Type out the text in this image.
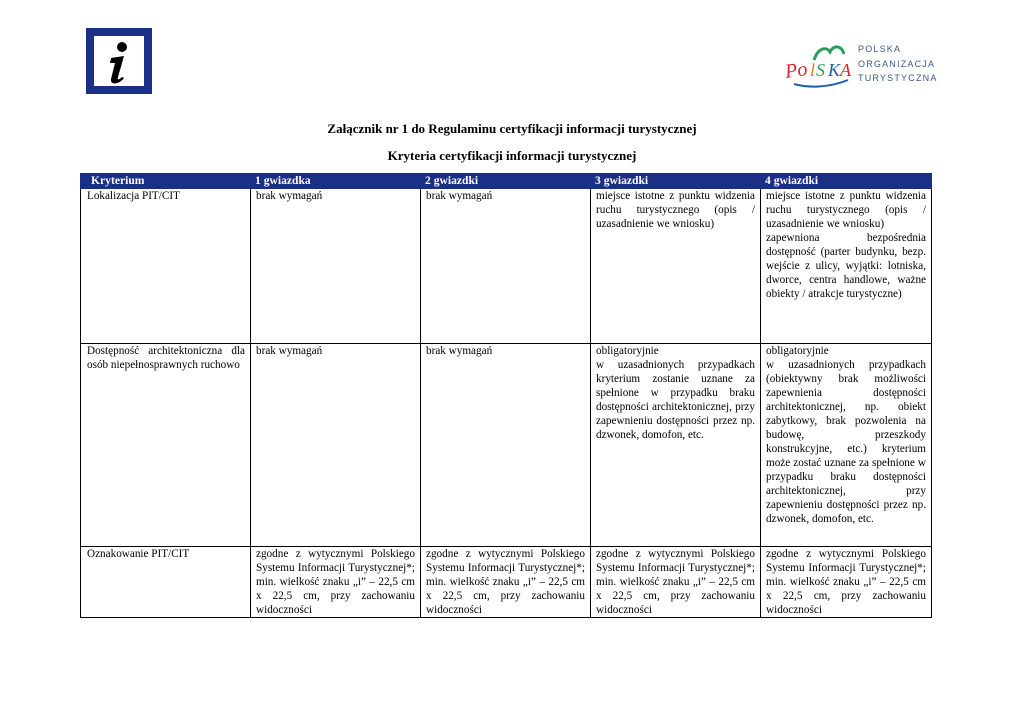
Po l S K A
POLSKA
ORGANIZACJA
TURYSTYCZNA
Załącznik nr 1 do Regulaminu certyfikacji informacji turystycznej
Kryteria certyfikacji informacji turystycznej
Kryterium	1 gwiazdka	2 gwiazdki	3 gwiazdki	4 gwiazdki

Lokalizacja PIT/CIT	brak wymagań	brak wymagań	miejsce istotne z punktu widzenia ruchu turystycznego (opis / uzasadnienie we wniosku)	miejsce istotne z punktu widzenia ruchu turystycznego (opis / uzasadnienie we wniosku)
zapewniona bezpośrednia dostępność (parter budynku, bezp. wejście z ulicy, wyjątki: lotniska, dworce, centra handlowe, ważne obiekty / atrakcje turystyczne)

Dostępność architektoniczna dla osób niepełnosprawnych ruchowo	brak wymagań	brak wymagań	obligatoryjnie
w uzasadnionych przypadkach kryterium zostanie uznane za spełnione w przypadku braku dostępności architektonicznej, przy zapewnieniu dostępności przez np. dzwonek, domofon, etc.	obligatoryjnie
w uzasadnionych przypadkach (obiektywny brak możliwości zapewnienia dostępności architektonicznej, np. obiekt zabytkowy, brak pozwolenia na budowę, przeszkody konstrukcyjne, etc.) kryterium może zostać uznane za spełnione w przypadku braku dostępności architektonicznej, przy zapewnieniu dostępności przez np. dzwonek, domofon, etc.

Oznakowanie PIT/CIT	zgodne z wytycznymi Polskiego Systemu Informacji Turystycznej*; min. wielkość znaku „i” – 22,5 cm x 22,5 cm, przy zachowaniu widoczności	zgodne z wytycznymi Polskiego Systemu Informacji Turystycznej*; min. wielkość znaku „i” – 22,5 cm x 22,5 cm, przy zachowaniu widoczności	zgodne z wytycznymi Polskiego Systemu Informacji Turystycznej*; min. wielkość znaku „i” – 22,5 cm x 22,5 cm, przy zachowaniu widoczności	zgodne z wytycznymi Polskiego Systemu Informacji Turystycznej*; min. wielkość znaku „i” – 22,5 cm x 22,5 cm, przy zachowaniu widoczności
